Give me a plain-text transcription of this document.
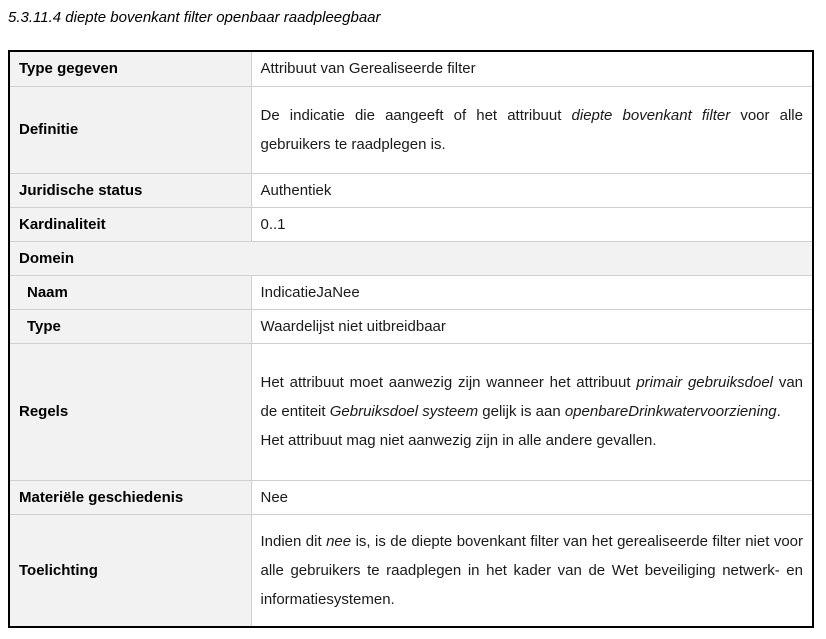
5.3.11.4 diepte bovenkant filter openbaar raadpleegbaar
Type gegeven	Attribuut van Gerealiseerde filter
Definitie	De indicatie die aangeeft of het attribuut diepte bovenkant filter voor alle gebruikers te raadplegen is.
Juridische status	Authentiek
Kardinaliteit	0..1
Domein	
Naam	IndicatieJaNee
Type	Waardelijst niet uitbreidbaar
Regels	Het attribuut moet aanwezig zijn wanneer het attribuut primair gebruiksdoel van de entiteit Gebruiksdoel systeem gelijk is aan openbareDrinkwatervoorziening.
Het attribuut mag niet aanwezig zijn in alle andere gevallen.
Materiële geschiedenis	Nee
Toelichting	Indien dit nee is, is de diepte bovenkant filter van het gerealiseerde filter niet voor alle gebruikers te raadplegen in het kader van de Wet beveiliging netwerk- en informatiesystemen.
